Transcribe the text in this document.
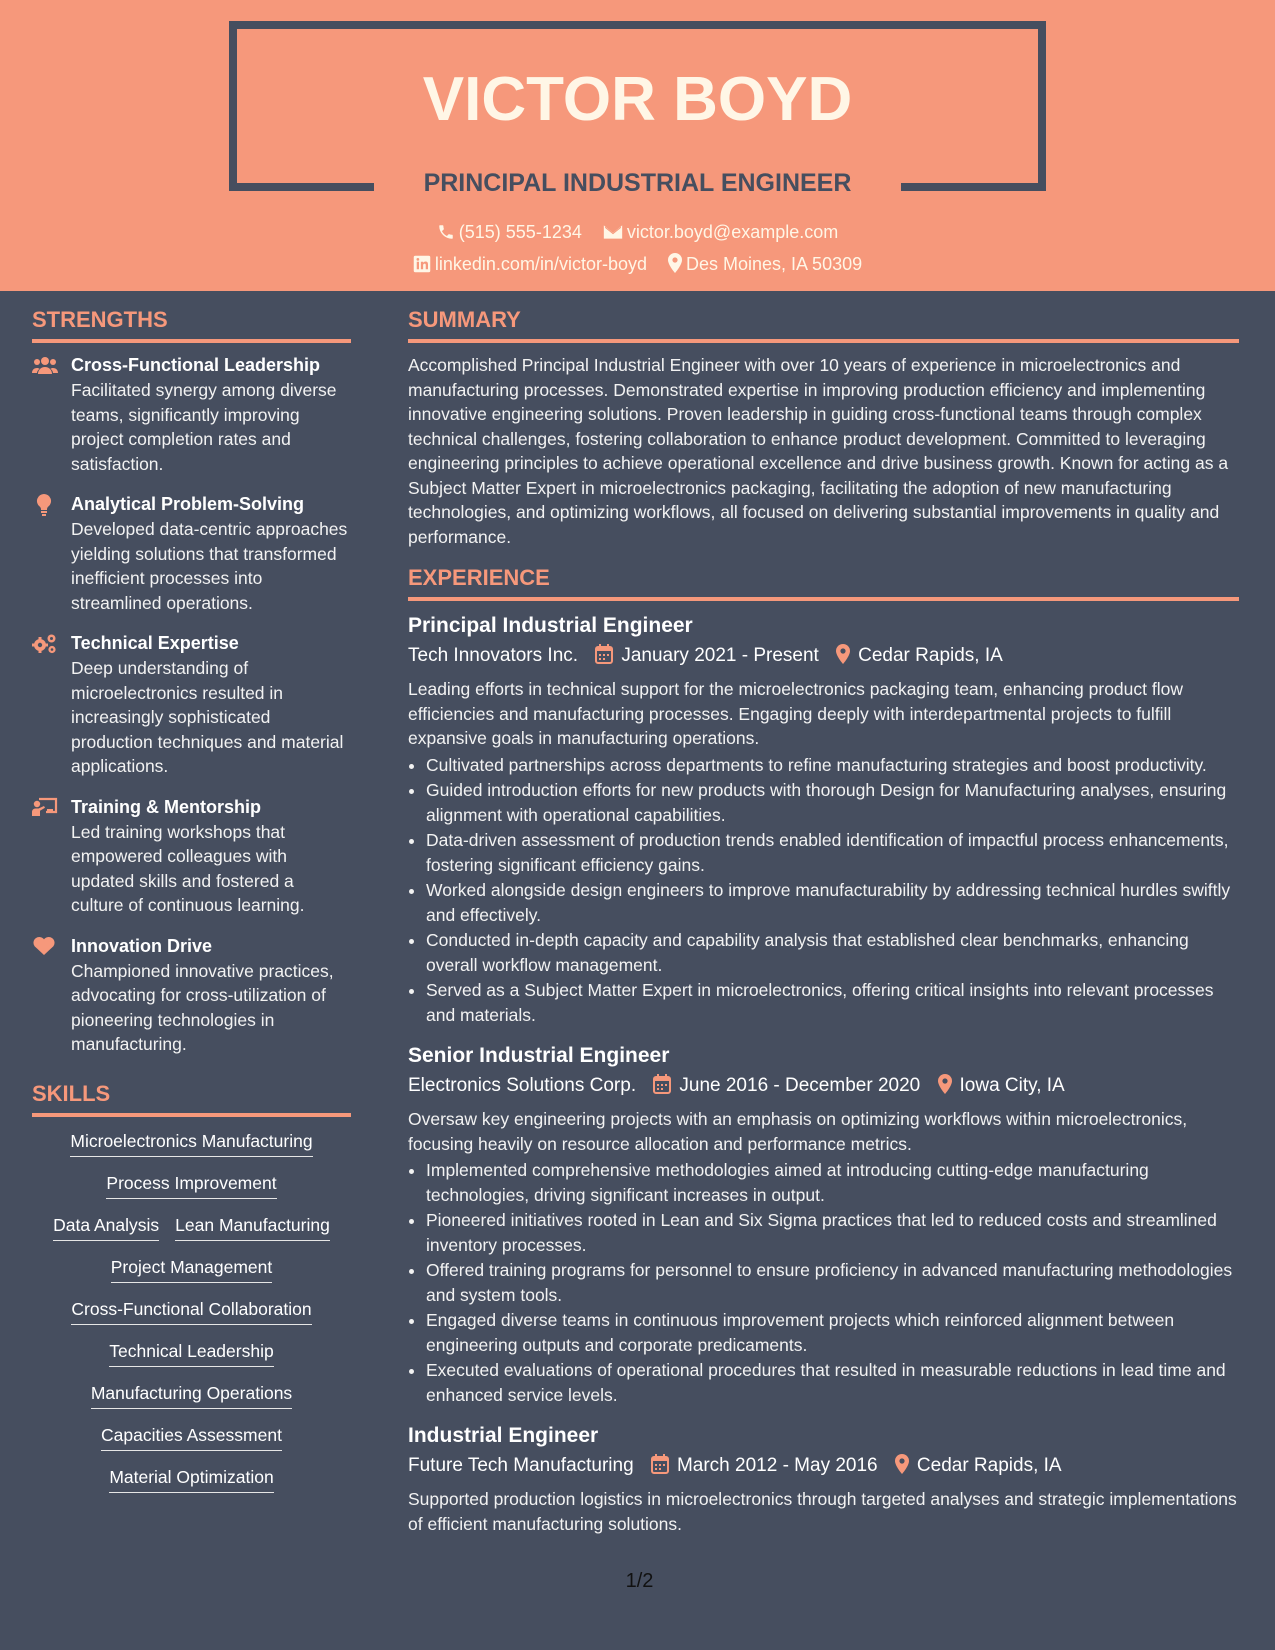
VICTOR BOYD
PRINCIPAL INDUSTRIAL ENGINEER
(515) 555-1234	victor.boyd@example.com
linkedin.com/in/victor-boyd Des Moines, IA 50309
STRENGTHS
Cross-Functional Leadership
Facilitated synergy among diverse teams, significantly improving project completion rates and satisfaction.
Analytical Problem-Solving
Developed data-centric approaches yielding solutions that transformed inefficient processes into streamlined operations.
Technical Expertise
Deep understanding of microelectronics resulted in increasingly sophisticated production techniques and material applications.
Training & Mentorship
Led training workshops that empowered colleagues with updated skills and fostered a culture of continuous learning.
Innovation Drive
Championed innovative practices, advocating for cross-utilization of pioneering technologies in manufacturing.
SKILLS
Microelectronics Manufacturing
Process Improvement
Data Analysis Lean Manufacturing
Project Management
Cross-Functional Collaboration
Technical Leadership
Manufacturing Operations
Capacities Assessment
Material Optimization
SUMMARY
Accomplished Principal Industrial Engineer with over 10 years of experience in microelectronics and manufacturing processes. Demonstrated expertise in improving production efficiency and implementing innovative engineering solutions. Proven leadership in guiding cross-functional teams through complex technical challenges, fostering collaboration to enhance product development. Committed to leveraging engineering principles to achieve operational excellence and drive business growth. Known for acting as a Subject Matter Expert in microelectronics packaging, facilitating the adoption of new manufacturing technologies, and optimizing workflows, all focused on delivering substantial improvements in quality and performance.
EXPERIENCE
Principal Industrial Engineer
Tech Innovators Inc. January 2021 - Present Cedar Rapids, IA
Leading efforts in technical support for the microelectronics packaging team, enhancing product flow efficiencies and manufacturing processes. Engaging deeply with interdepartmental projects to fulfill expansive goals in manufacturing operations.
• Cultivated partnerships across departments to refine manufacturing strategies and boost productivity.
• Guided introduction efforts for new products with thorough Design for Manufacturing analyses, ensuring alignment with operational capabilities.
• Data-driven assessment of production trends enabled identification of impactful process enhancements, fostering significant efficiency gains.
• Worked alongside design engineers to improve manufacturability by addressing technical hurdles swiftly and effectively.
• Conducted in-depth capacity and capability analysis that established clear benchmarks, enhancing overall workflow management.
• Served as a Subject Matter Expert in microelectronics, offering critical insights into relevant processes and materials.
Senior Industrial Engineer
Electronics Solutions Corp. June 2016 - December 2020 Iowa City, IA
Oversaw key engineering projects with an emphasis on optimizing workflows within microelectronics, focusing heavily on resource allocation and performance metrics.
• Implemented comprehensive methodologies aimed at introducing cutting-edge manufacturing technologies, driving significant increases in output.
• Pioneered initiatives rooted in Lean and Six Sigma practices that led to reduced costs and streamlined inventory processes.
• Offered training programs for personnel to ensure proficiency in advanced manufacturing methodologies and system tools.
• Engaged diverse teams in continuous improvement projects which reinforced alignment between engineering outputs and corporate predicaments.
• Executed evaluations of operational procedures that resulted in measurable reductions in lead time and enhanced service levels.
Industrial Engineer
Future Tech Manufacturing March 2012 - May 2016 Cedar Rapids, IA
Supported production logistics in microelectronics through targeted analyses and strategic implementations of efficient manufacturing solutions.
1/2
